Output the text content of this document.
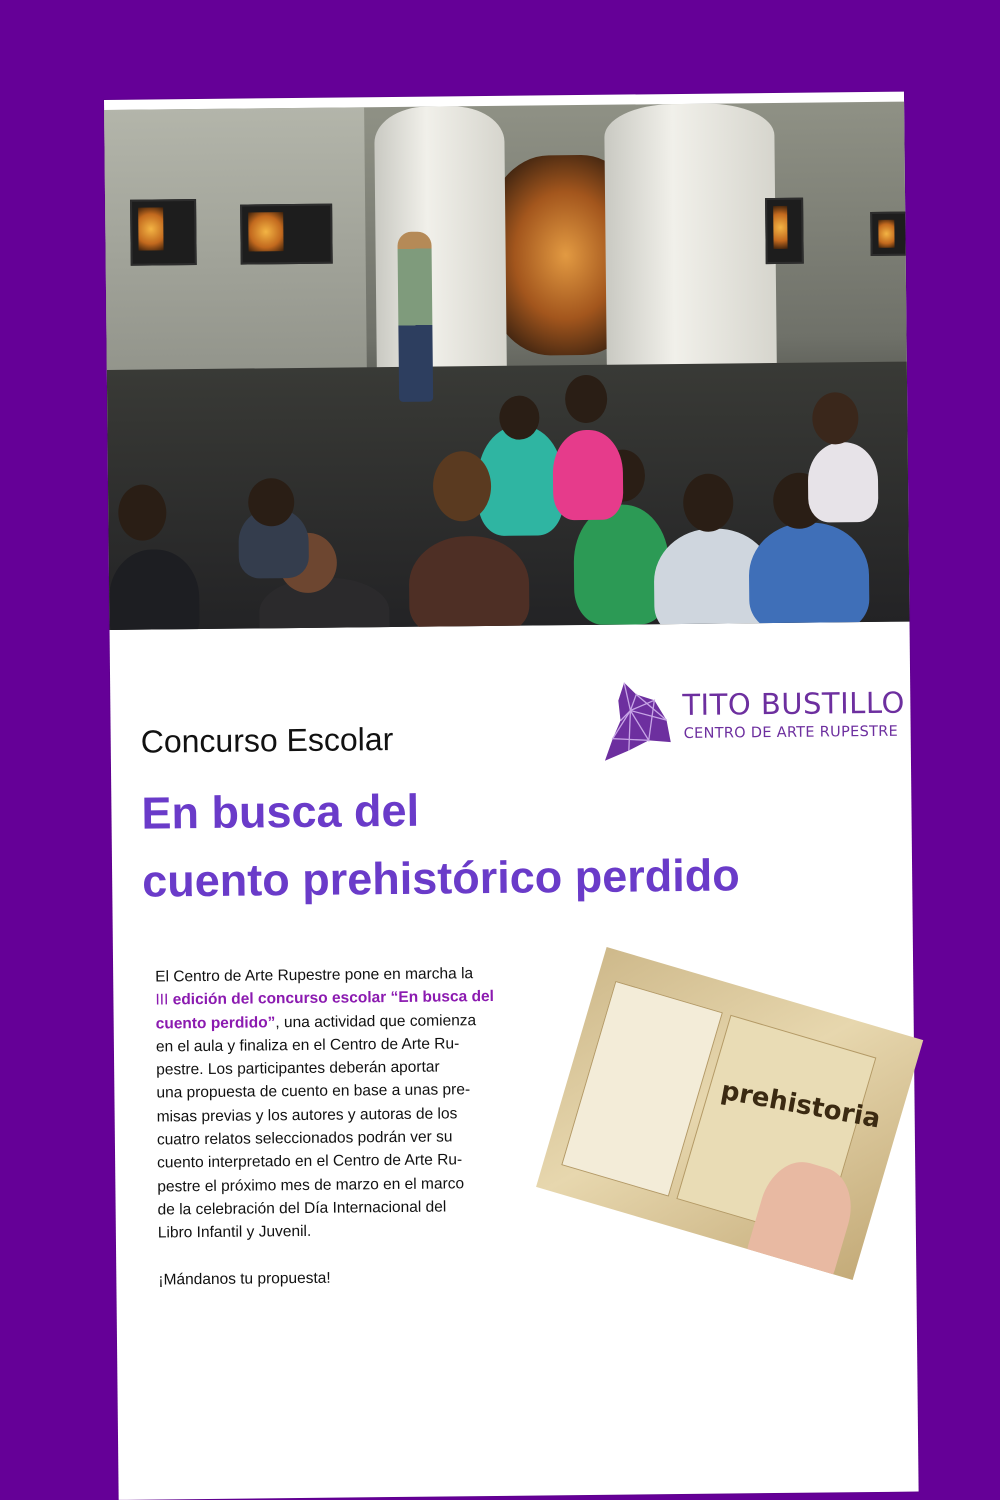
TITO BUSTILLO
CENTRO DE ARTE RUPESTRE
Concurso Escolar
En busca del
cuento prehistórico perdido

El Centro de Arte Rupestre pone en marcha la
III edición del concurso escolar “En busca del
cuento perdido”, una actividad que comienza
en el aula y finaliza en el Centro de Arte Ru-
pestre. Los participantes deberán aportar
una propuesta de cuento en base a unas pre-
misas previas y los autores y autoras de los
cuatro relatos seleccionados podrán ver su
cuento interpretado en el Centro de Arte Ru-
pestre el próximo mes de marzo en el marco
de la celebración del Día Internacional del
Libro Infantil y Juvenil.

¡Mándanos tu propuesta!

prehistoria
